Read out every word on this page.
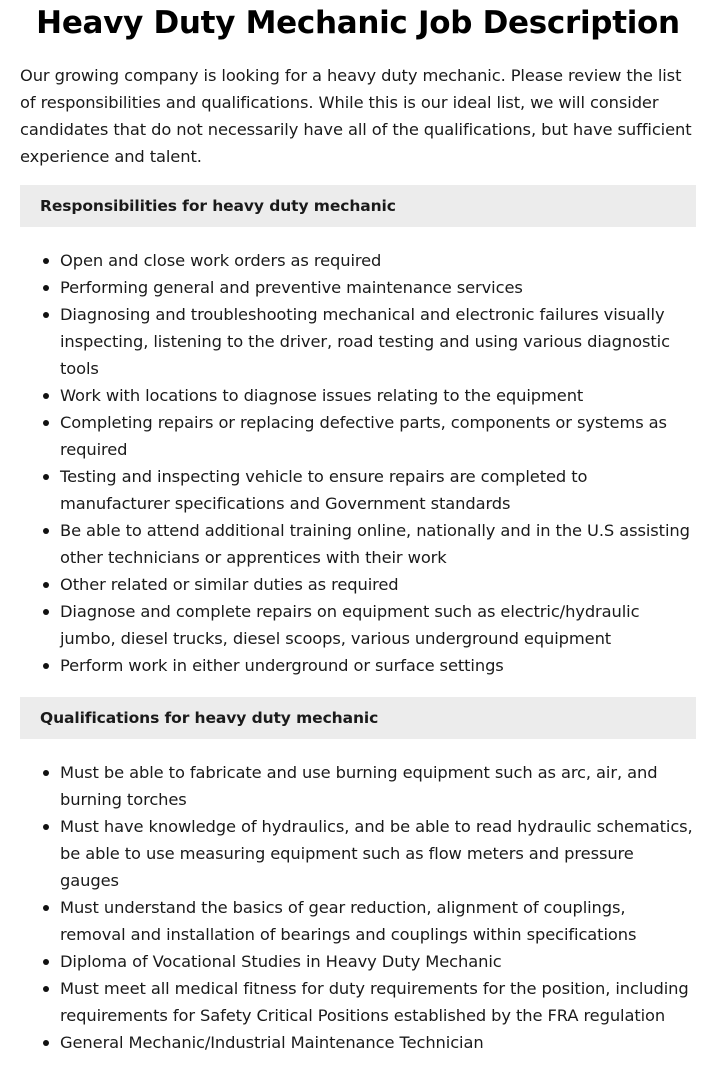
Heavy Duty Mechanic Job Description

Our growing company is looking for a heavy duty mechanic. Please review the list of responsibilities and qualifications. While this is our ideal list, we will consider candidates that do not necessarily have all of the qualifications, but have sufficient experience and talent.

Responsibilities for heavy duty mechanic
Open and close work orders as required
Performing general and preventive maintenance services
Diagnosing and troubleshooting mechanical and electronic failures visually inspecting, listening to the driver, road testing and using various diagnostic tools
Work with locations to diagnose issues relating to the equipment
Completing repairs or replacing defective parts, components or systems as required
Testing and inspecting vehicle to ensure repairs are completed to manufacturer specifications and Government standards
Be able to attend additional training online, nationally and in the U.S assisting other technicians or apprentices with their work
Other related or similar duties as required
Diagnose and complete repairs on equipment such as electric/hydraulic jumbo, diesel trucks, diesel scoops, various underground equipment
Perform work in either underground or surface settings
Qualifications for heavy duty mechanic
Must be able to fabricate and use burning equipment such as arc, air, and burning torches
Must have knowledge of hydraulics, and be able to read hydraulic schematics, be able to use measuring equipment such as flow meters and pressure gauges
Must understand the basics of gear reduction, alignment of couplings, removal and installation of bearings and couplings within specifications
Diploma of Vocational Studies in Heavy Duty Mechanic
Must meet all medical fitness for duty requirements for the position, including requirements for Safety Critical Positions established by the FRA regulation
General Mechanic/Industrial Maintenance Technician
